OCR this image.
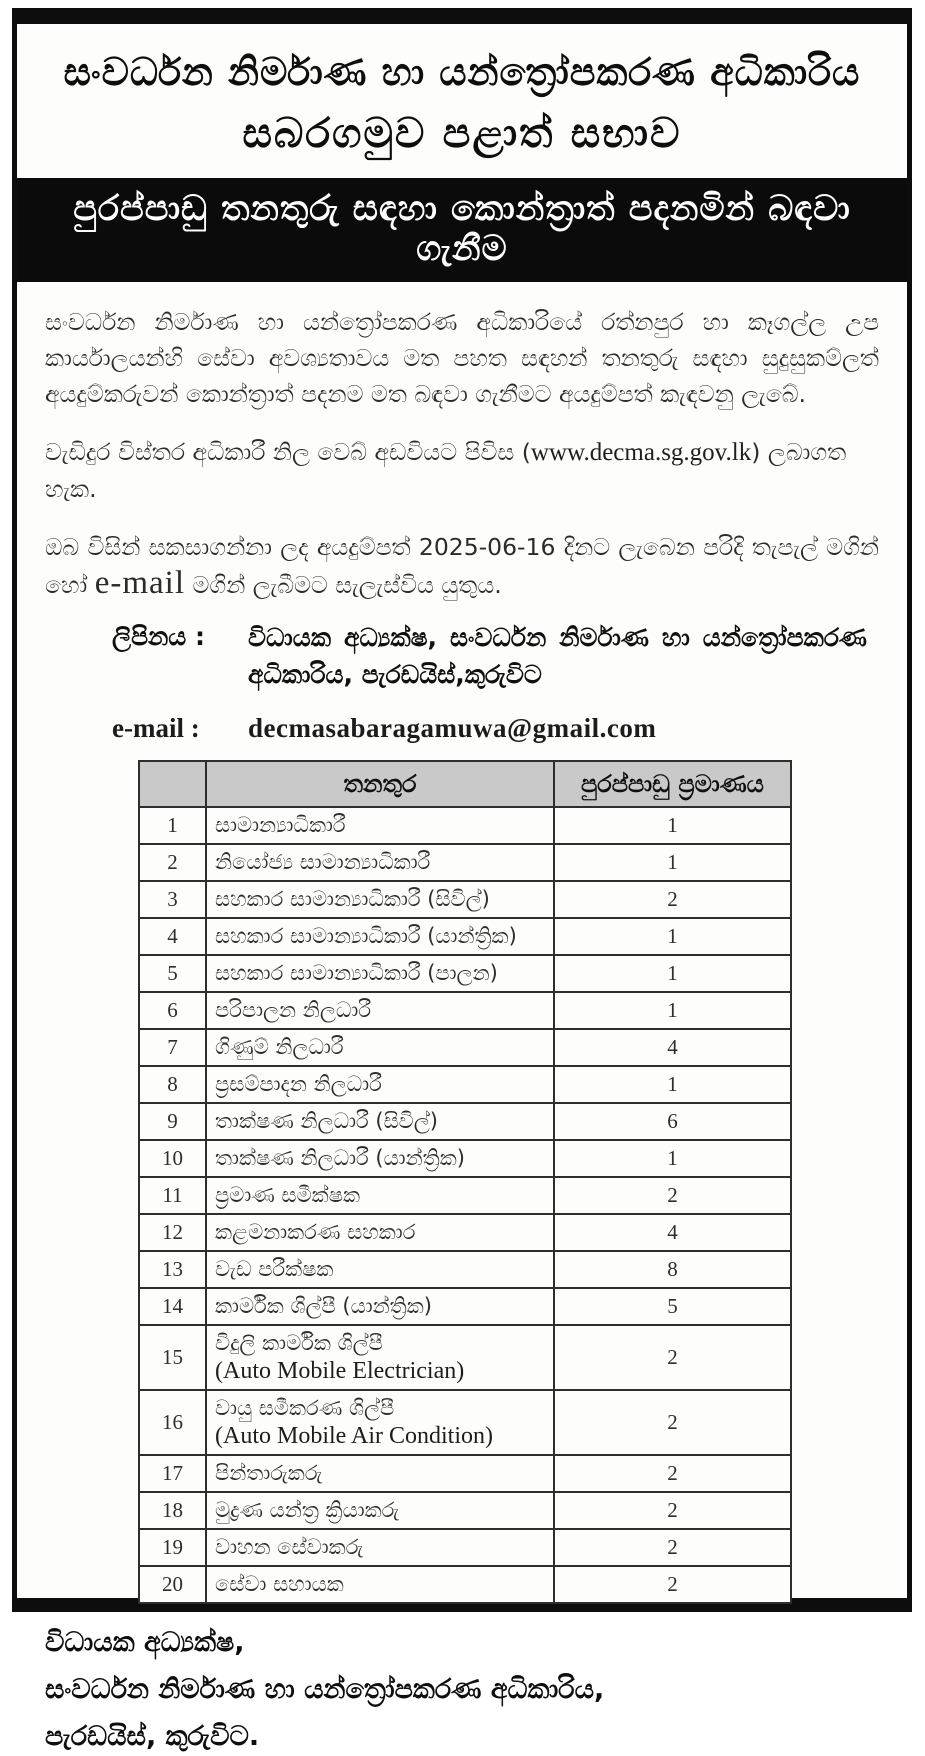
සංවර්ධන නිර්මාණ හා යන්ත්‍රෝපකරණ අධිකාරිය
සබරගමුව පළාත් සභාව
පුරප්පාඩු තනතුරු සඳහා කොන්ත්‍රාත් පදනමින් බඳවා ගැනීම
සංවර්ධන නිර්මාණ හා යන්ත්‍රෝපකරණ අධිකාරියේ රත්නපුර හා කෑගල්ල උප කාර්යාලයන්හි සේවා අවශ්‍යතාවය මත පහත සඳහන් තනතුරු සඳහා සුදුසුකම්ලත් අයදුම්කරුවන් කොන්ත්‍රාත් පදනම මත බඳවා ගැනීමට අයදුම්පත් කැඳවනු ලැබේ.
වැඩිදුර විස්තර අධිකාරී නිල වෙබ් අඩවියට පිවිස (www.decma.sg.gov.lk) ලබාගත හැක.
ඔබ විසින් සකසාගන්නා ලද අයදුම්පත් 2025-06-16 දිනට ලැබෙන පරිදි තැපැල් මගින් හෝ e-mail මගින් ලැබීමට සැලැස්විය යුතුය.
ලිපිනය :	විධායක අධ්‍යක්ෂ, සංවර්ධන නිර්මාණ හා යන්ත්‍රෝපකරණ අධිකාරිය, පැරඩයිස්,කුරුවිට
e-mail :	decmasabaragamuwa@gmail.com
	තනතුර	පුරප්පාඩු ප්‍රමාණය
1	සාමාන්‍යාධිකාරී	1
2	නියෝජ්‍ය සාමාන්‍යාධිකාරී	1
3	සහකාර සාමාන්‍යාධිකාරී (සිවිල්)	2
4	සහකාර සාමාන්‍යාධිකාරී (යාන්ත්‍රික)	1
5	සහකාර සාමාන්‍යාධිකාරී (පාලන)	1
6	පරිපාලන නිලධාරී	1
7	ගිණුම් නිලධාරී	4
8	ප්‍රසම්පාදන නිලධාරී	1
9	තාක්ෂණ නිලධාරී (සිවිල්)	6
10	තාක්ෂණ නිලධාරී (යාන්ත්‍රික)	1
11	ප්‍රමාණ සමීක්ෂක	2
12	කළමනාකරණ සහකාර	4
13	වැඩ පරීක්ෂක	8
14	කාර්මික ශිල්පී (යාන්ත්‍රික)	5
15	විදුලි කාර්මික ශිල්පී
(Auto Mobile Electrician)	2
16	වායු සමීකරණ ශිල්පී
(Auto Mobile Air Condition)	2
17	පින්තාරුකරු	2
18	මුද්‍රණ යන්ත්‍ර ක්‍රියාකරු	2
19	වාහන සේවාකරු	2
20	සේවා සහායක	2
විධායක අධ්‍යක්ෂ,
සංවර්ධන නිර්මාණ හා යන්ත්‍රෝපකරණ අධිකාරිය,
පැරඩයිස්, කුරුවිට.
